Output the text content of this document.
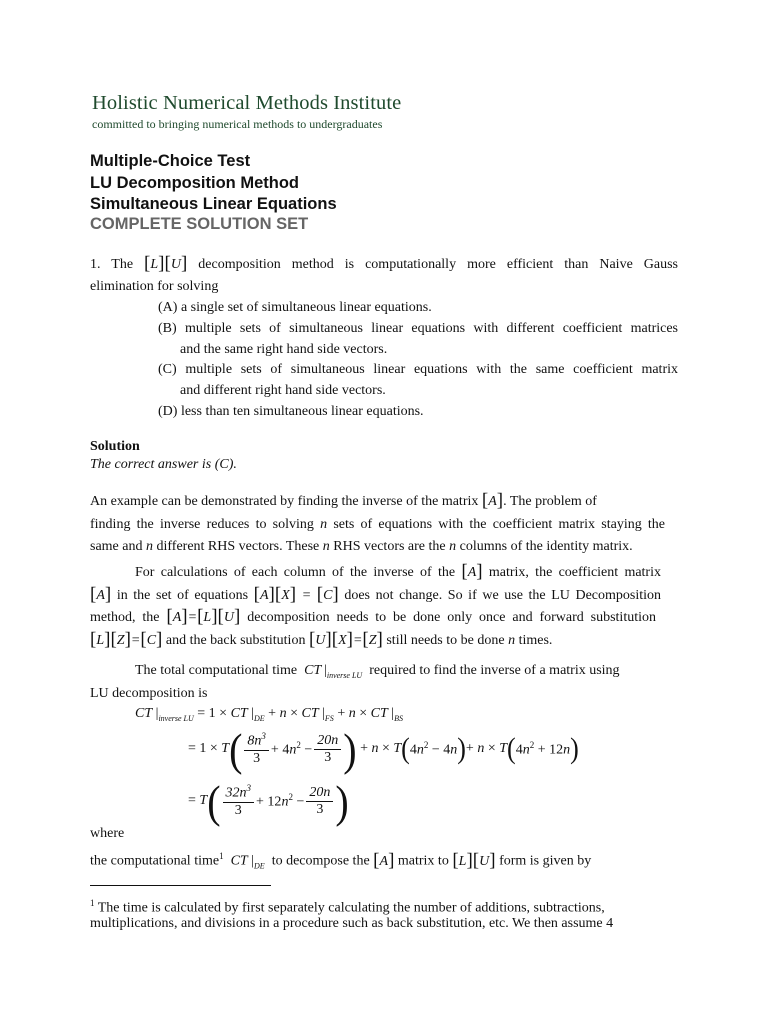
Holistic Numerical Methods Institute
committed to bringing numerical methods to undergraduates
Multiple-Choice Test
LU Decomposition Method
Simultaneous Linear Equations
COMPLETE SOLUTION SET
1. The [L][U] decomposition method is computationally more efficient than Naive Gauss
elimination for solving
(A) a single set of simultaneous linear equations.
(B) multiple sets of simultaneous linear equations with different coefficient matrices
and the same right hand side vectors.
(C) multiple sets of simultaneous linear equations with the same coefficient matrix
and different right hand side vectors.
(D) less than ten simultaneous linear equations.
Solution
The correct answer is (C).
An example can be demonstrated by finding the inverse of the matrix [A]. The problem of
finding the inverse reduces to solving n sets of equations with the coefficient matrix staying the
same and n different RHS vectors. These n RHS vectors are the n columns of the identity matrix.
For calculations of each column of the inverse of the [A] matrix, the coefficient matrix
[A] in the set of equations [A][X] = [C] does not change. So if we use the LU Decomposition
method, the [A]=[L][U] decomposition needs to be done only once and forward substitution
[L][Z]=[C] and the back substitution [U][X]=[Z] still needs to be done n times.
The total computational time CT $|_{inverse LU}$ required to find the inverse of a matrix using
LU decomposition is
CT $|_{inverse LU} = 1$ × CT $|_{DE} + n$ × CT $|_{FS} + n$ × CT $|_{BS}$
= 1 × T ( $\frac{8n^3}{3} + 4n^2 - \frac{20n}{3}$ ) + n × T ( $4n^2 - 4n$ ) + n × T ( $4n^2 + 12n$ )
= T ( $\frac{32n^3}{3} + 12n^2 - \frac{20n}{3}$ )
where
the computational time$^1$ CT $|_{DE}$ to decompose the [A] matrix to [L][U] form is given by
$^1$ The time is calculated by first separately calculating the number of additions, subtractions,
multiplications, and divisions in a procedure such as back substitution, etc. We then assume 4
